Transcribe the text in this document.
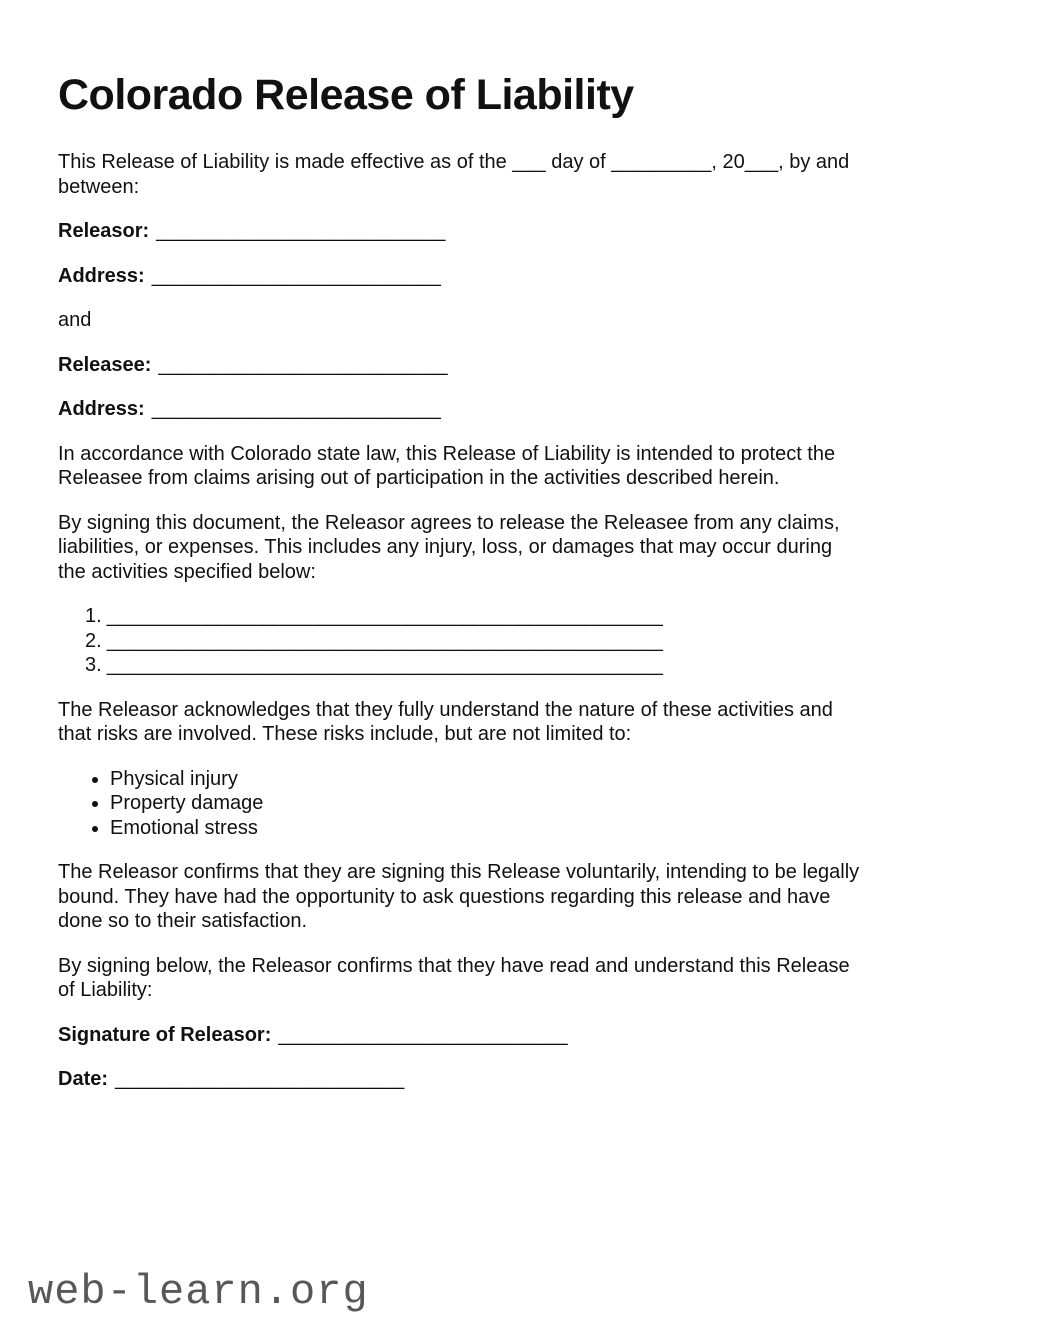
Colorado Release of Liability
This Release of Liability is made effective as of the ___ day of _________, 20___, by and
between:
Releasor: __________________________
Address: __________________________
and
Releasee: __________________________
Address: __________________________
In accordance with Colorado state law, this Release of Liability is intended to protect the
Releasee from claims arising out of participation in the activities described herein.
By signing this document, the Releasor agrees to release the Releasee from any claims,
liabilities, or expenses. This includes any injury, loss, or damages that may occur during
the activities specified below:
1. __________________________________________________
2. __________________________________________________
3. __________________________________________________
The Releasor acknowledges that they fully understand the nature of these activities and
that risks are involved. These risks include, but are not limited to:
• Physical injury
• Property damage
• Emotional stress
The Releasor confirms that they are signing this Release voluntarily, intending to be legally
bound. They have had the opportunity to ask questions regarding this release and have
done so to their satisfaction.
By signing below, the Releasor confirms that they have read and understand this Release
of Liability:
Signature of Releasor: __________________________
Date: __________________________
web-learn.org
